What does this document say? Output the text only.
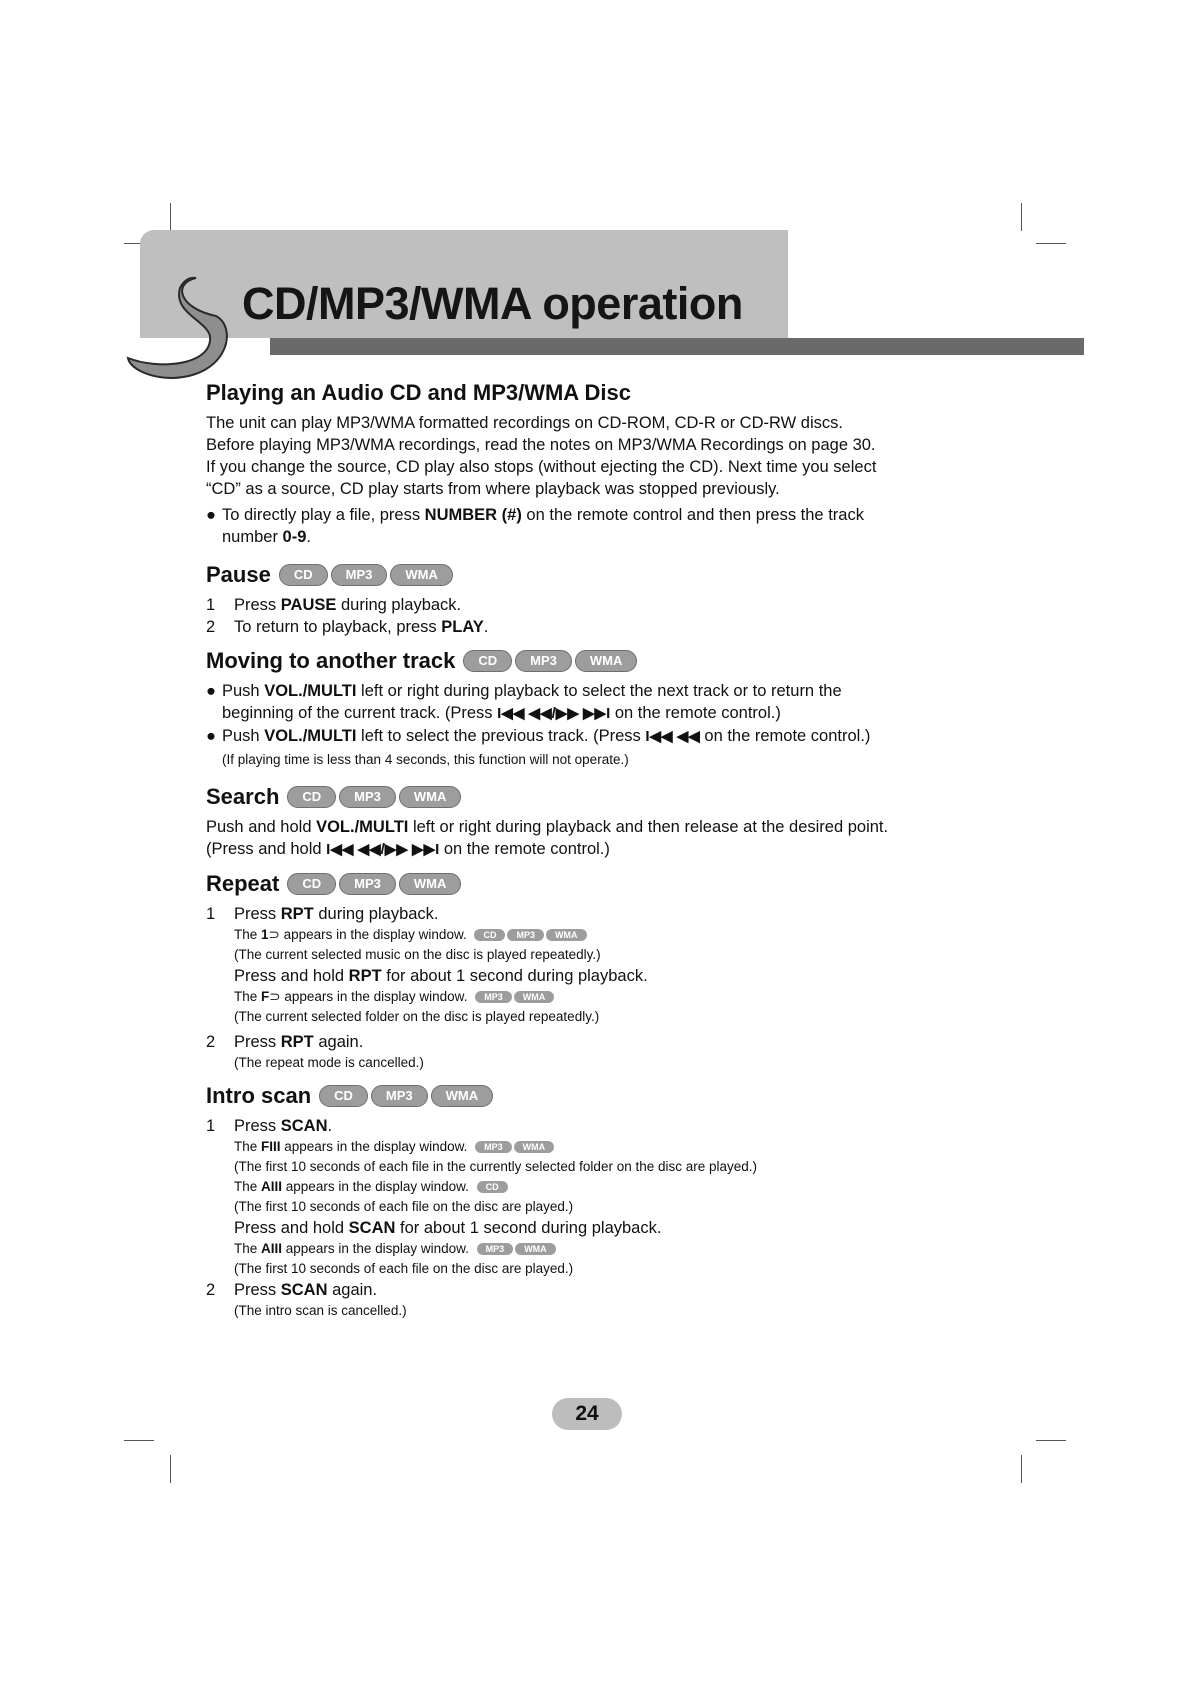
CD/MP3/WMA operation
Playing an Audio CD and MP3/WMA Disc

The unit can play MP3/WMA formatted recordings on CD-ROM, CD-R or CD-RW discs.

Before playing MP3/WMA recordings, read the notes on MP3/WMA Recordings on page 30.

If you change the source, CD play also stops (without ejecting the CD). Next time you select

“CD” as a source, CD play starts from where playback was stopped previously.

● To directly play a file, press NUMBER (#) on the remote control and then press the track
number 0-9.
Pause	CD	MP3	WMA
1	Press PAUSE during playback.
2	To return to playback, press PLAY.
Moving to another track	CD	MP3	WMA
● Push VOL./MULTI left or right during playback to select the next track or to return the
beginning of the current track. (Press I◀◀ ◀◀/▶▶ ▶▶I on the remote control.)
● Push VOL./MULTI left to select the previous track. (Press I◀◀ ◀◀ on the remote control.)
(If playing time is less than 4 seconds, this function will not operate.)
Search	CD	MP3	WMA

Push and hold VOL./MULTI left or right during playback and then release at the desired point.

(Press and hold I◀◀ ◀◀/▶▶ ▶▶I on the remote control.)

Repeat	CD	MP3	WMA
1	Press RPT during playback.
The 1⊃ appears in the display window.	CD	MP3	WMA
(The current selected music on the disc is played repeatedly.)
Press and hold RPT for about 1 second during playback.
The F⊃ appears in the display window.	MP3	WMA
(The current selected folder on the disc is played repeatedly.)
2	Press RPT again.
(The repeat mode is cancelled.)
Intro scan	CD	MP3	WMA
1	Press SCAN.
The FIII appears in the display window.	MP3	WMA
(The first 10 seconds of each file in the currently selected folder on the disc are played.)
The AIII appears in the display window.	CD
(The first 10 seconds of each file on the disc are played.)
Press and hold SCAN for about 1 second during playback.
The AIII appears in the display window.	MP3	WMA
(The first 10 seconds of each file on the disc are played.)
2	Press SCAN again.
(The intro scan is cancelled.)
24
